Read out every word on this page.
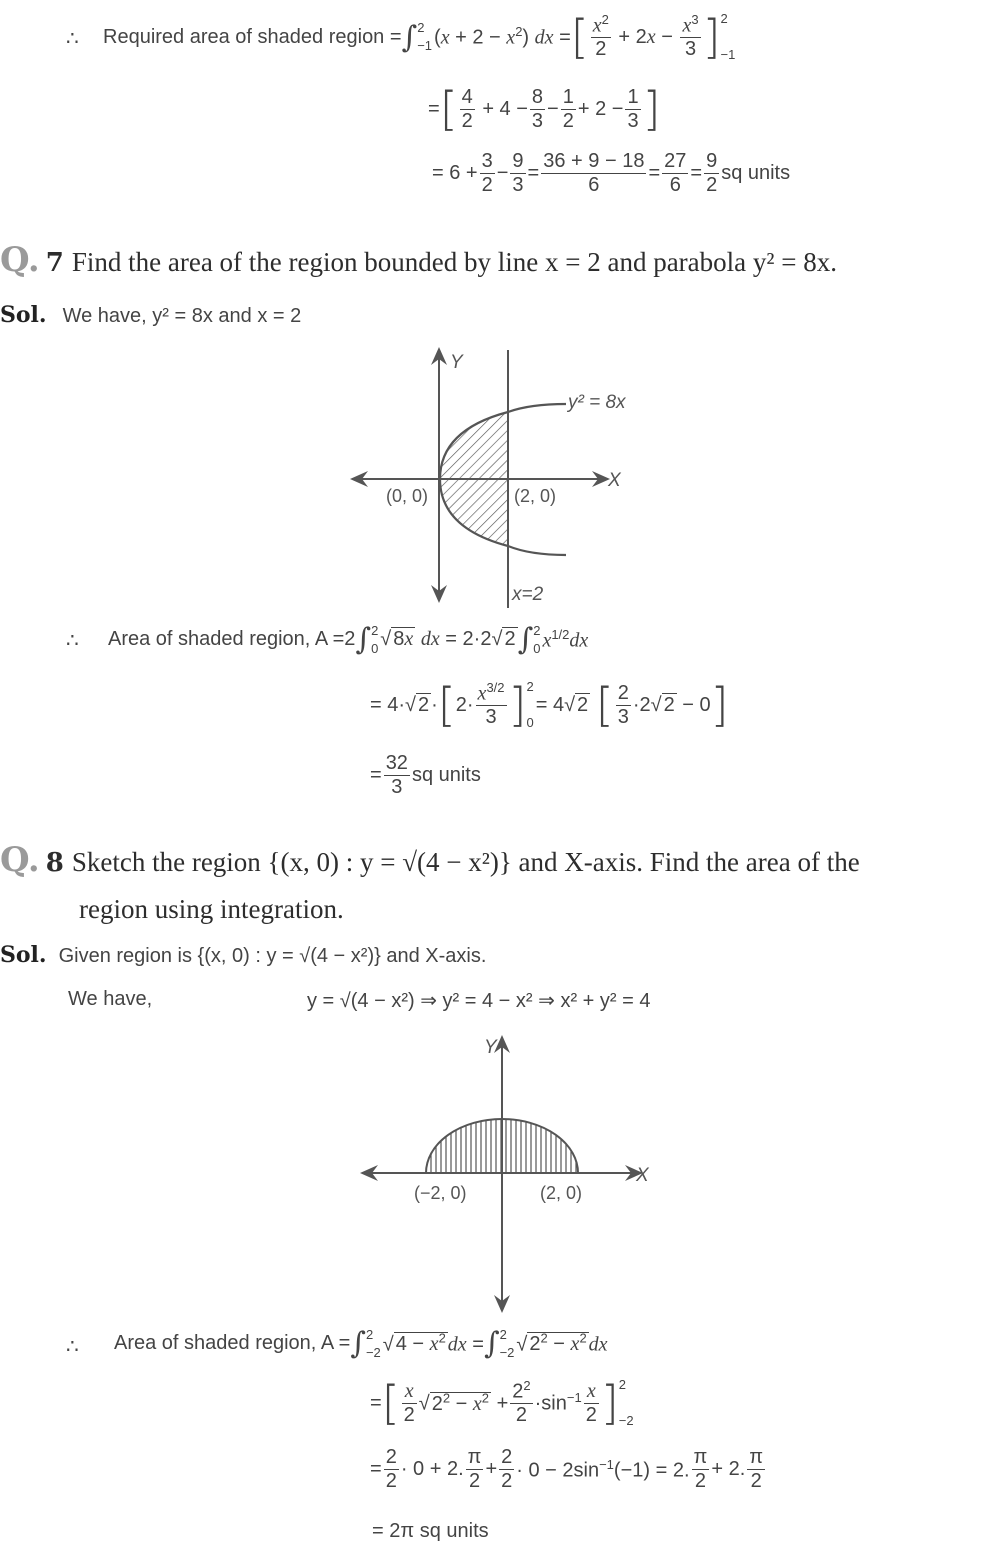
∴ Required area of shaded region = ∫ 2
−1 $(x + 2 - x^2)$ dx = [ $\frac{x^2}{2} + 2x - \frac{x^3}{3}$ ] 2
−1
= [ $\frac{4}{2} + 4 - \frac{8}{3} - \frac{1}{2} + 2 - \frac{1}{3}$ ]
= $6 + \frac{3}{2} - \frac{9}{3} = \frac{36 + 9 - 18}{6} = \frac{27}{6} = \frac{9}{2}$ sq units
Q. 7 Find the area of the region bounded by line x = 2 and parabola y² = 8x.
Sol. We have, y² = 8x and x = 2
Y
X
(0, 0)	(2, 0)
y² = 8x
x=2
∴ Area of shaded region, A = 2 ∫ 2
0 √ 8x dx = 2·2√ 2 ∫ 2
0 $x^{1/2}dx$
= 4·√ 2 · [ $2\cdot \frac{x^{3/2}}{3}$ ] 2
0
= 4√ 2 [ $\frac{2}{3} \cdot 2√$ 2 − 0 ]
= $\frac{32}{3}$ sq units
Q. 8 Sketch the region {(x, 0) : y = √(4 − x²)} and X-axis. Find the area of the
region using integration.
Sol. Given region is {(x, 0) : y = √(4 − x²)} and X-axis.
We have,	y = √(4 − x²) ⇒ y² = 4 − x² ⇒ x² + y² = 4
Y
X
(−2, 0)	(2, 0)
∴ Area of shaded region, A = ∫ 2
−2 √ $4 - x^2$ dx = ∫ 2
−2 √ $2^2 - x^2$ dx
= [ $\frac{x}{2}$ √ $2^2 - x^2 + \frac{2^2}{2} \cdot\sin^{-1} \frac{x}{2}$ ] 2
−2
= $\frac{2}{2} \cdot 0 + 2$. $\frac{\pi}{2} + \frac{2}{2} \cdot 0 - 2\sin^{-1}(-1) = 2$. $\frac{\pi}{2} + 2$. $\frac{\pi}{2}$
= 2π sq units
